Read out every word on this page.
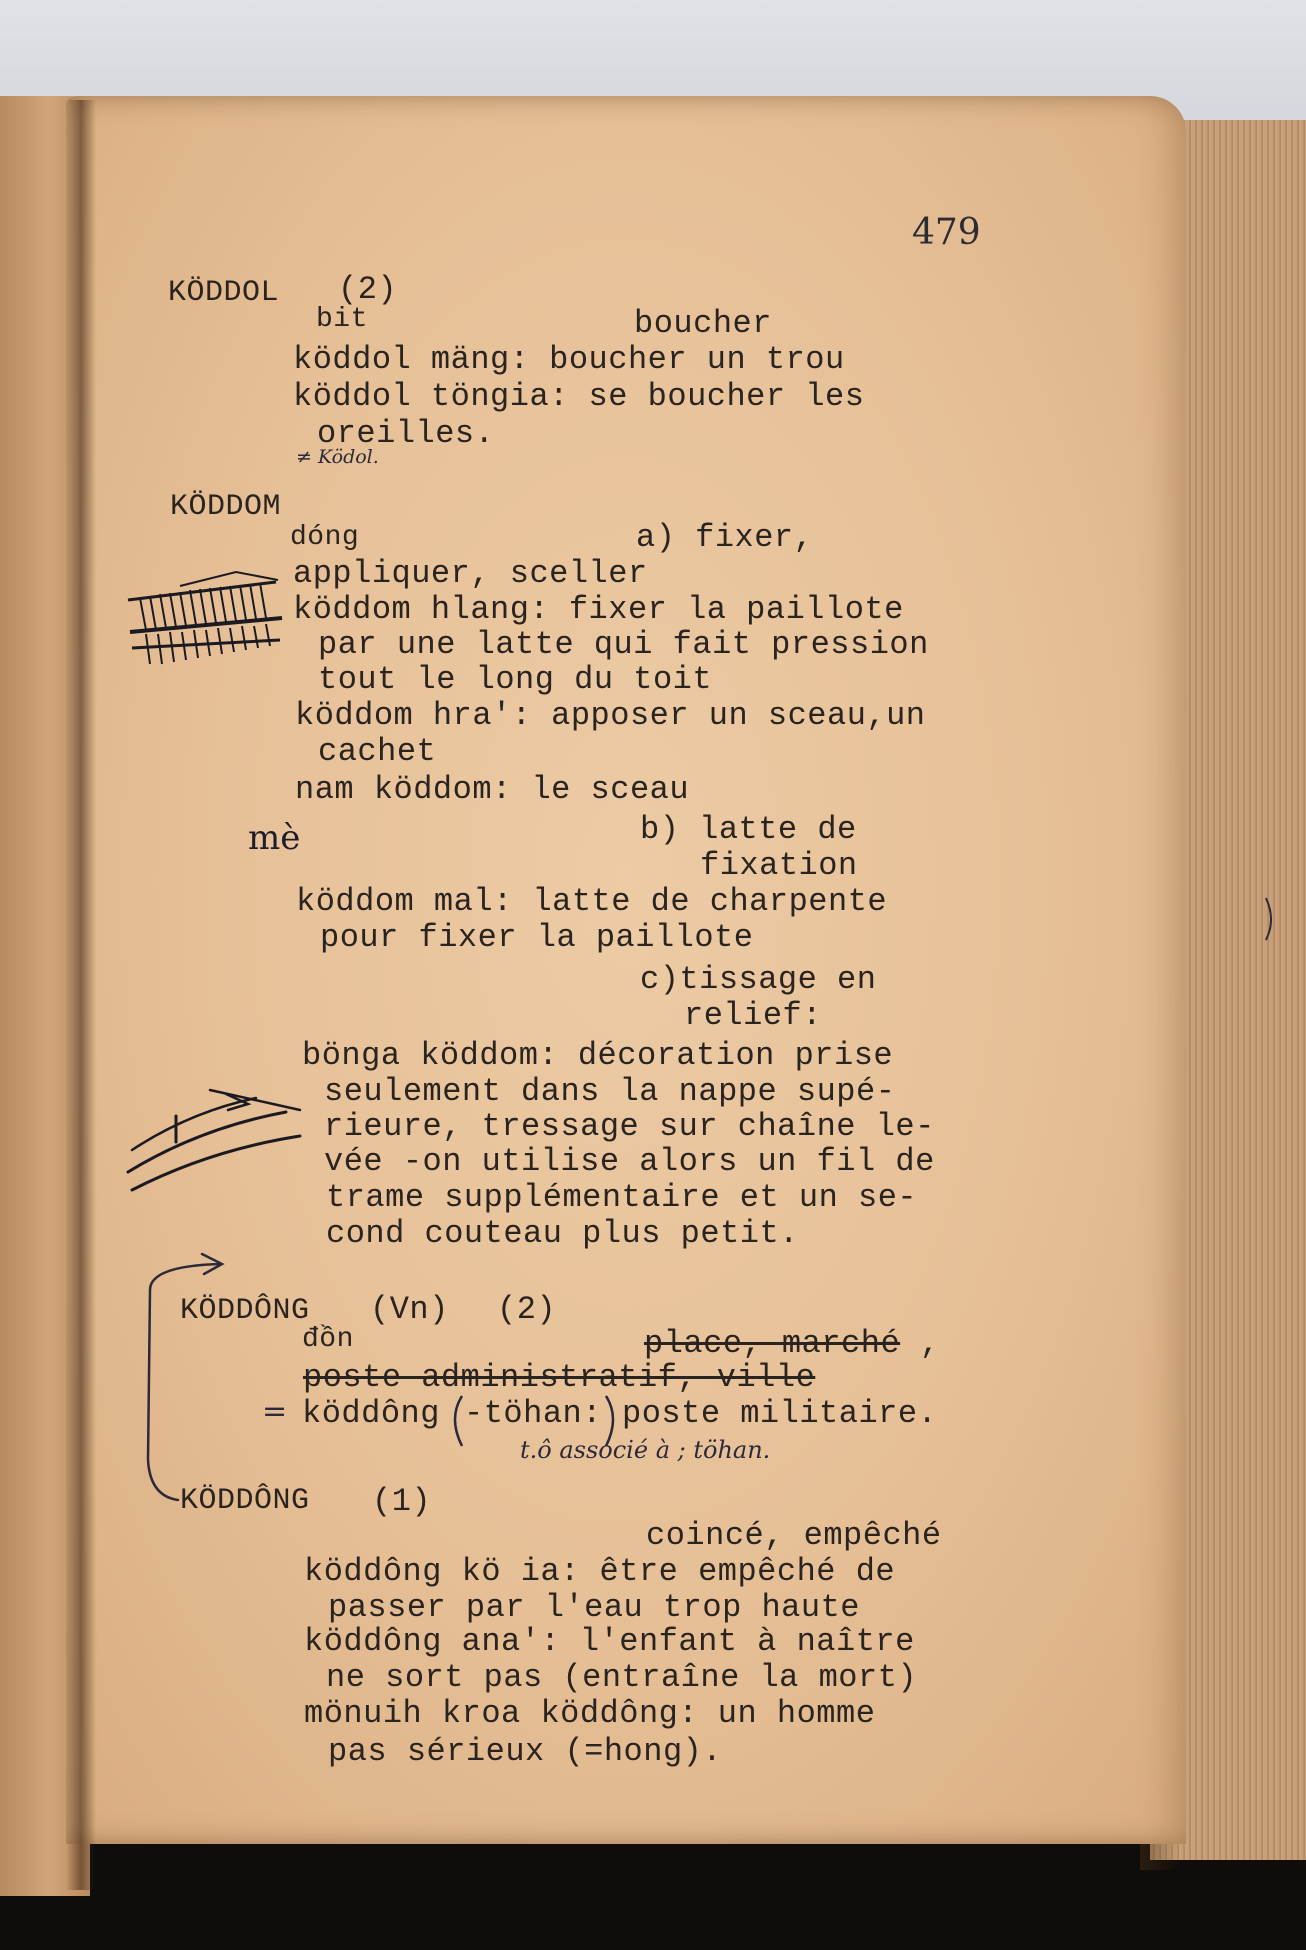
479
KÖDDOL (2)
bit	boucher
köddol mäng: boucher un trou
köddol töngia: se boucher les
oreilles.
≠ Ködol.
KÖDDOM
dóng	a) fixer,
appliquer, sceller
köddom hlang: fixer la paillote
par une latte qui fait pression
tout le long du toit
köddom hra': apposer un sceau,un
cachet
nam köddom: le sceau
mè	b) latte de
fixation
köddom mal: latte de charpente
pour fixer la paillote
c)tissage en
relief:
bönga köddom: décoration prise
seulement dans la nappe supé-
rieure, tressage sur chaîne le-
vée -on utilise alors un fil de
trame supplémentaire et un se-
cond couteau plus petit.
KÖDDÔNG (Vn) (2)
đồn	place, marché ,
poste administratif, ville
= köddông -töhan: poste militaire.
t.ô associé à ; töhan.
KÖDDÔNG (1)
coincé, empêché
köddông kö ia: être empêché de
passer par l'eau trop haute
köddông ana': l'enfant à naître
ne sort pas (entraîne la mort)
mönuih kroa köddông: un homme
pas sérieux (=hong).
